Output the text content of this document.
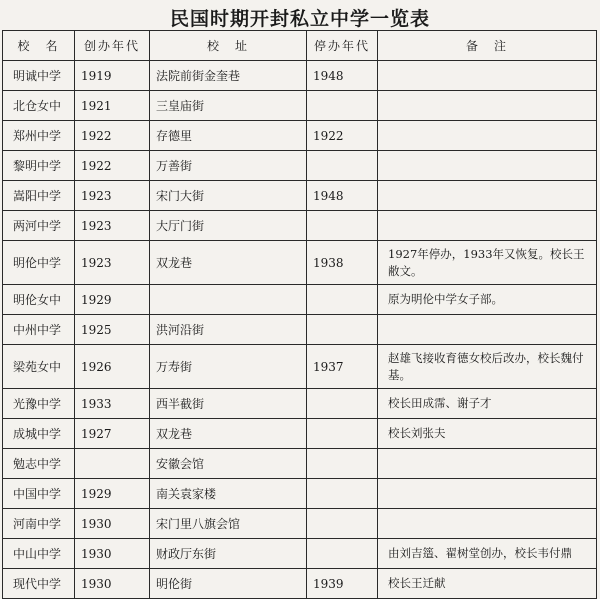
民国时期开封私立中学一览表
校　名	创办年代	校　址	停办年代	备　注
明诚中学	1919	法院前街金奎巷	1948	
北仓女中	1921	三皇庙街		
郑州中学	1922	存德里	1922	
黎明中学	1922	万善街		
嵩阳中学	1923	宋门大街	1948	
两河中学	1923	大厅门街		
明伦中学	1923	双龙巷	1938	1927年停办，1933年又恢复。校长王敝文。
明伦女中	1929			原为明伦中学女子部。
中州中学	1925	洪河沿街		
梁苑女中	1926	万寿街	1937	赵雄飞接收育德女校后改办，校长魏付基。
光豫中学	1933	西半截街		校长田成霈、谢子才
成城中学	1927	双龙巷		校长刘张夫
勉志中学		安徽会馆		
中国中学	1929	南关袁家楼		
河南中学	1930	宋门里八旗会馆		
中山中学	1930	财政厅东街		由刘吉簉、翟树堂创办，校长韦付鼎
现代中学	1930	明伦街	1939	校长王迁献
